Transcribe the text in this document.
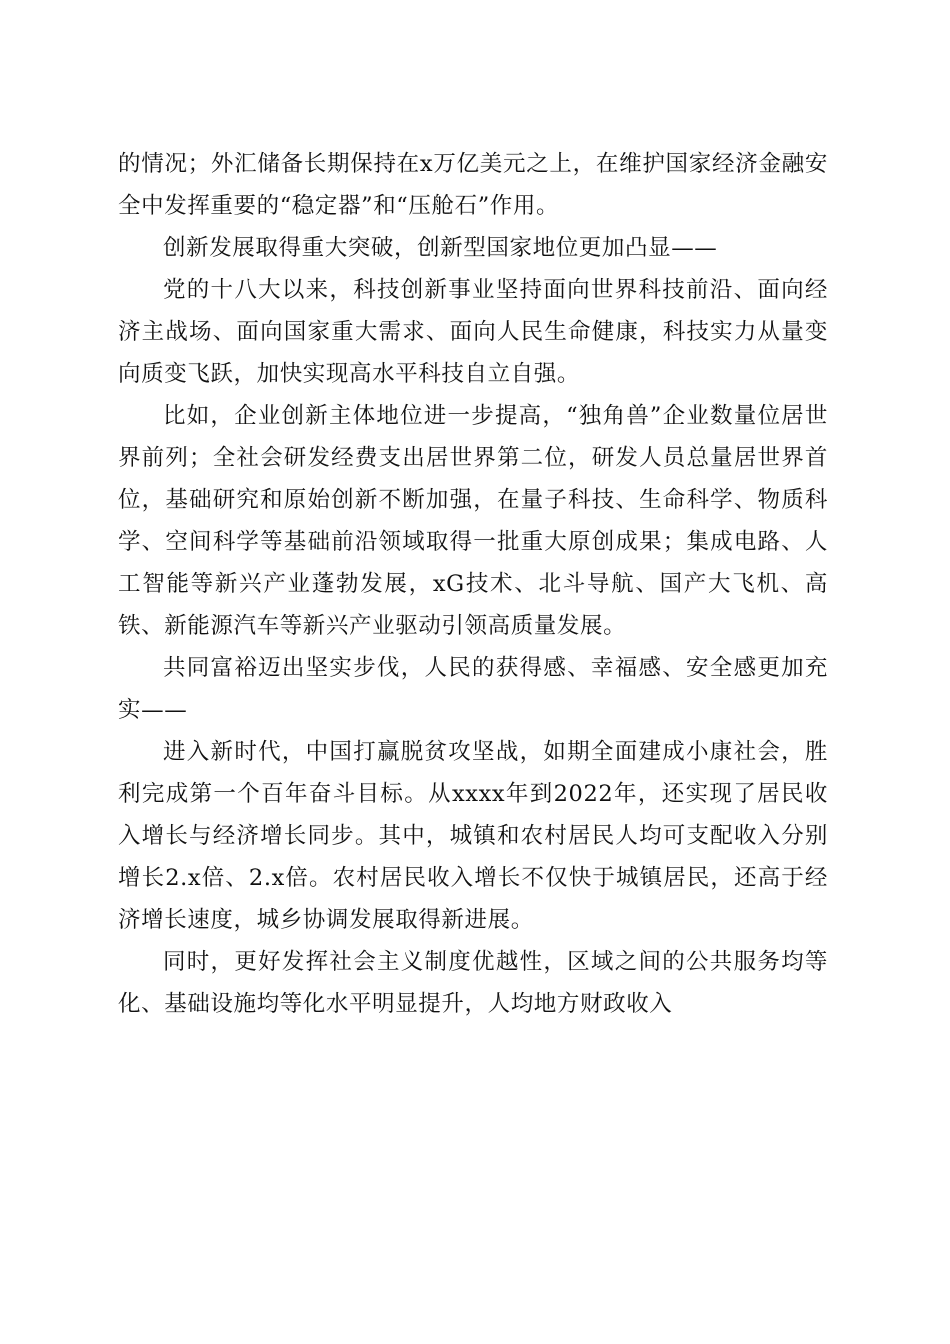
的情况；外汇储备长期保持在x万亿美元之上，在维护国家经济金融安全中发挥重要的“稳定器”和“压舱石”作用。

创新发展取得重大突破，创新型国家地位更加凸显——

党的十八大以来，科技创新事业坚持面向世界科技前沿、面向经济主战场、面向国家重大需求、面向人民生命健康，科技实力从量变向质变飞跃，加快实现高水平科技自立自强。

比如，企业创新主体地位进一步提高，“独角兽”企业数量位居世界前列；全社会研发经费支出居世界第二位，研发人员总量居世界首位，基础研究和原始创新不断加强，在量子科技、生命科学、物质科学、空间科学等基础前沿领域取得一批重大原创成果；集成电路、人工智能等新兴产业蓬勃发展，xG技术、北斗导航、国产大飞机、高铁、新能源汽车等新兴产业驱动引领高质量发展。

共同富裕迈出坚实步伐，人民的获得感、幸福感、安全感更加充实——

进入新时代，中国打赢脱贫攻坚战，如期全面建成小康社会，胜利完成第一个百年奋斗目标。从xxxx年到2022年，还实现了居民收入增长与经济增长同步。其中，城镇和农村居民人均可支配收入分别增长2.x倍、2.x倍。农村居民收入增长不仅快于城镇居民，还高于经济增长速度，城乡协调发展取得新进展。

同时，更好发挥社会主义制度优越性，区域之间的公共服务均等化、基础设施均等化水平明显提升，人均地方财政收入
